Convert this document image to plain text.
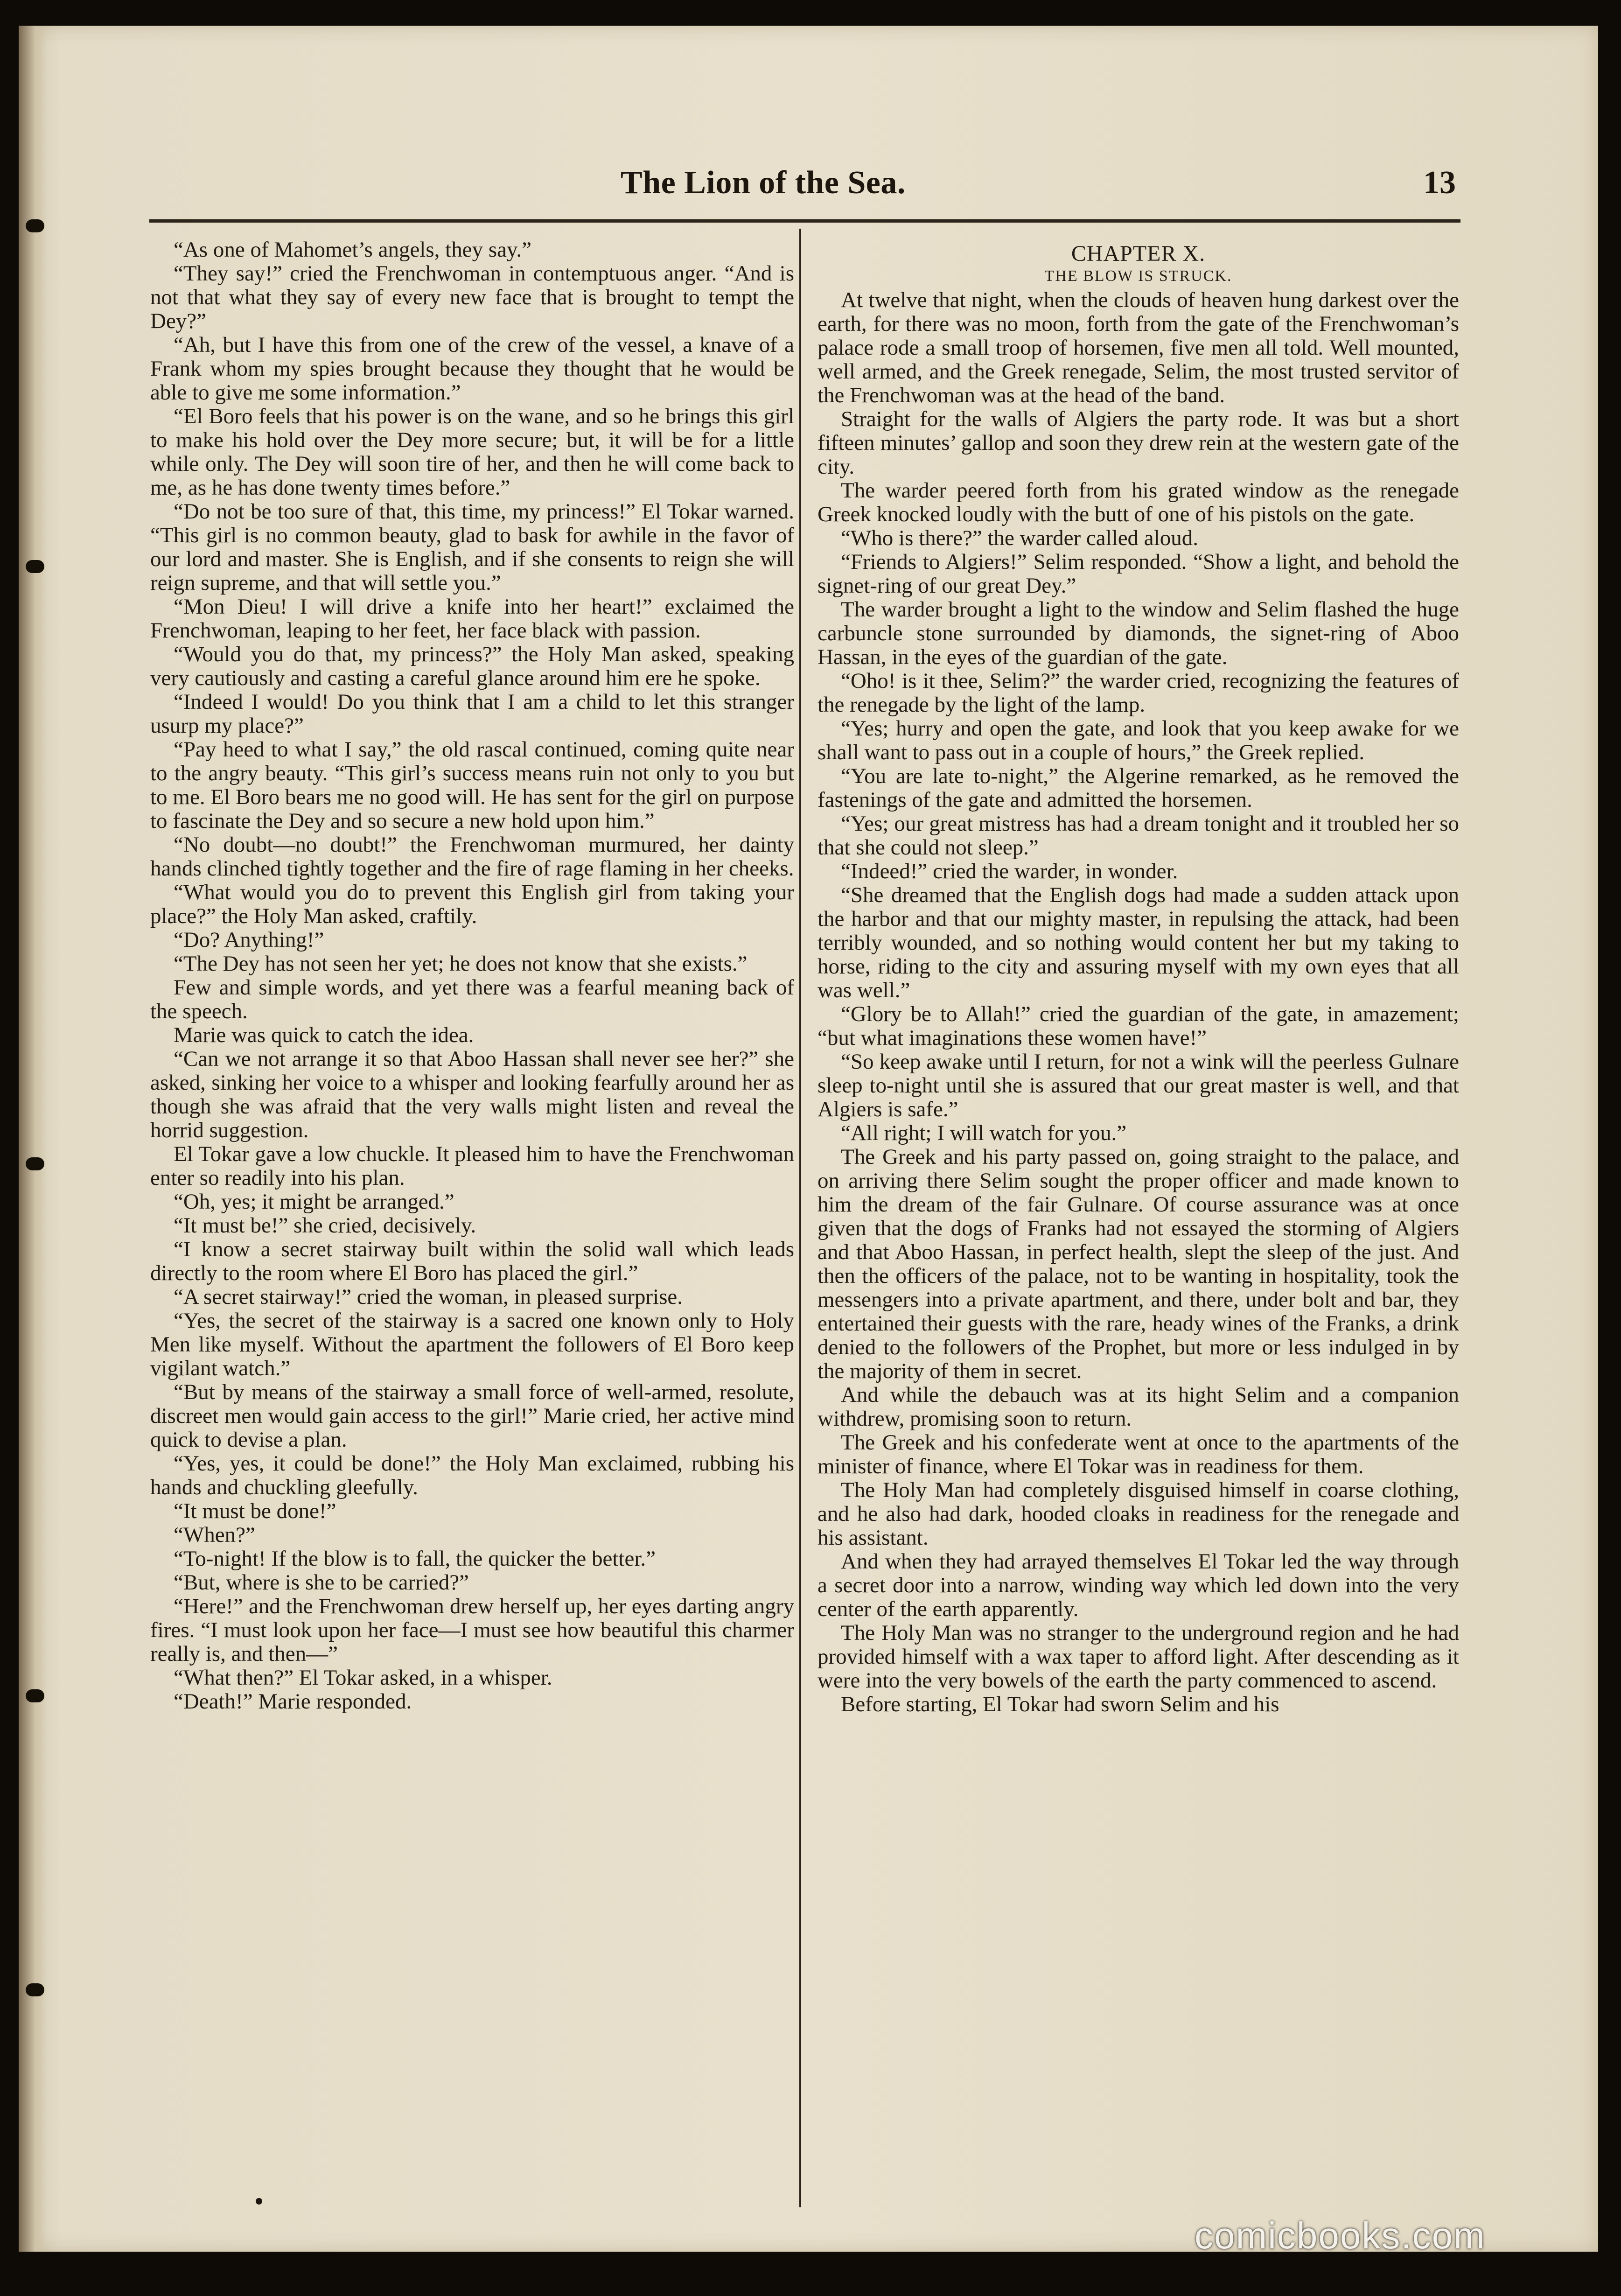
The Lion of the Sea.	13

“As one of Mahomet’s angels, they say.”

“They say!” cried the Frenchwoman in contemptuous anger. “And is not that what they say of every new face that is brought to tempt the Dey?”

“Ah, but I have this from one of the crew of the vessel, a knave of a Frank whom my spies brought because they thought that he would be able to give me some information.”

“El Boro feels that his power is on the wane, and so he brings this girl to make his hold over the Dey more secure; but, it will be for a little while only. The Dey will soon tire of her, and then he will come back to me, as he has done twenty times before.”

“Do not be too sure of that, this time, my princess!” El Tokar warned. “This girl is no common beauty, glad to bask for awhile in the favor of our lord and master. She is English, and if she consents to reign she will reign supreme, and that will settle you.”

“Mon Dieu! I will drive a knife into her heart!” exclaimed the Frenchwoman, leaping to her feet, her face black with passion.

“Would you do that, my princess?” the Holy Man asked, speaking very cautiously and casting a careful glance around him ere he spoke.

“Indeed I would! Do you think that I am a child to let this stranger usurp my place?”

“Pay heed to what I say,” the old rascal continued, coming quite near to the angry beauty. “This girl’s success means ruin not only to you but to me. El Boro bears me no good will. He has sent for the girl on purpose to fascinate the Dey and so secure a new hold upon him.”

“No doubt—no doubt!” the Frenchwoman murmured, her dainty hands clinched tightly together and the fire of rage flaming in her cheeks.

“What would you do to prevent this English girl from taking your place?” the Holy Man asked, craftily.

“Do? Anything!”

“The Dey has not seen her yet; he does not know that she exists.”

Few and simple words, and yet there was a fearful meaning back of the speech.

Marie was quick to catch the idea.

“Can we not arrange it so that Aboo Hassan shall never see her?” she asked, sinking her voice to a whisper and looking fearfully around her as though she was afraid that the very walls might listen and reveal the horrid suggestion.

El Tokar gave a low chuckle. It pleased him to have the Frenchwoman enter so readily into his plan.

“Oh, yes; it might be arranged.”

“It must be!” she cried, decisively.

“I know a secret stairway built within the solid wall which leads directly to the room where El Boro has placed the girl.”

“A secret stairway!” cried the woman, in pleased surprise.

“Yes, the secret of the stairway is a sacred one known only to Holy Men like myself. Without the apartment the followers of El Boro keep vigilant watch.”

“But by means of the stairway a small force of well-armed, resolute, discreet men would gain access to the girl!” Marie cried, her active mind quick to devise a plan.

“Yes, yes, it could be done!” the Holy Man exclaimed, rubbing his hands and chuckling gleefully.

“It must be done!”

“When?”

“To-night! If the blow is to fall, the quicker the better.”

“But, where is she to be carried?”

“Here!” and the Frenchwoman drew herself up, her eyes darting angry fires. “I must look upon her face—I must see how beautiful this charmer really is, and then—”

“What then?” El Tokar asked, in a whisper.

“Death!” Marie responded.

CHAPTER X.
THE BLOW IS STRUCK.

At twelve that night, when the clouds of heaven hung darkest over the earth, for there was no moon, forth from the gate of the Frenchwoman’s palace rode a small troop of horsemen, five men all told. Well mounted, well armed, and the Greek renegade, Selim, the most trusted servitor of the Frenchwoman was at the head of the band.

Straight for the walls of Algiers the party rode. It was but a short fifteen minutes’ gallop and soon they drew rein at the western gate of the city.

The warder peered forth from his grated window as the renegade Greek knocked loudly with the butt of one of his pistols on the gate.

“Who is there?” the warder called aloud.

“Friends to Algiers!” Selim responded. “Show a light, and behold the signet-ring of our great Dey.”

The warder brought a light to the window and Selim flashed the huge carbuncle stone surrounded by diamonds, the signet-ring of Aboo Hassan, in the eyes of the guardian of the gate.

“Oho! is it thee, Selim?” the warder cried, recognizing the features of the renegade by the light of the lamp.

“Yes; hurry and open the gate, and look that you keep awake for we shall want to pass out in a couple of hours,” the Greek replied.

“You are late to-night,” the Algerine remarked, as he removed the fastenings of the gate and admitted the horsemen.

“Yes; our great mistress has had a dream tonight and it troubled her so that she could not sleep.”

“Indeed!” cried the warder, in wonder.

“She dreamed that the English dogs had made a sudden attack upon the harbor and that our mighty master, in repulsing the attack, had been terribly wounded, and so nothing would content her but my taking to horse, riding to the city and assuring myself with my own eyes that all was well.”

“Glory be to Allah!” cried the guardian of the gate, in amazement; “but what imaginations these women have!”

“So keep awake until I return, for not a wink will the peerless Gulnare sleep to-night until she is assured that our great master is well, and that Algiers is safe.”

“All right; I will watch for you.”

The Greek and his party passed on, going straight to the palace, and on arriving there Selim sought the proper officer and made known to him the dream of the fair Gulnare. Of course assurance was at once given that the dogs of Franks had not essayed the storming of Algiers and that Aboo Hassan, in perfect health, slept the sleep of the just. And then the officers of the palace, not to be wanting in hospitality, took the messengers into a private apartment, and there, under bolt and bar, they entertained their guests with the rare, heady wines of the Franks, a drink denied to the followers of the Prophet, but more or less indulged in by the majority of them in secret.

And while the debauch was at its hight Selim and a companion withdrew, promising soon to return.

The Greek and his confederate went at once to the apartments of the minister of finance, where El Tokar was in readiness for them.

The Holy Man had completely disguised himself in coarse clothing, and he also had dark, hooded cloaks in readiness for the renegade and his assistant.

And when they had arrayed themselves El Tokar led the way through a secret door into a narrow, winding way which led down into the very center of the earth apparently.

The Holy Man was no stranger to the underground region and he had provided himself with a wax taper to afford light. After descending as it were into the very bowels of the earth the party commenced to ascend.

Before starting, El Tokar had sworn Selim and his

comicbooks.com
